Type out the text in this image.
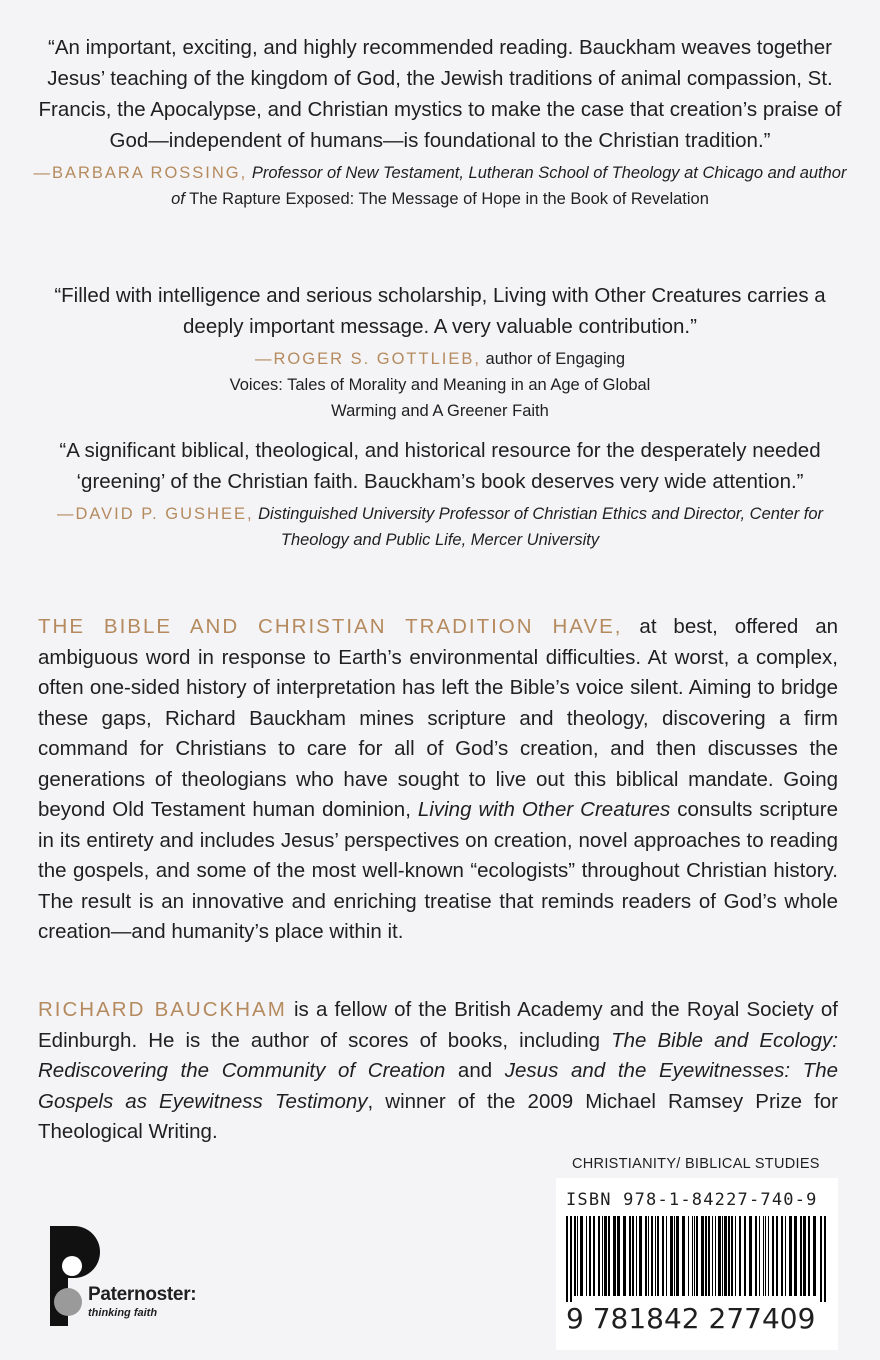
“An important, exciting, and highly recommended reading. Bauckham weaves together Jesus’ teaching of the kingdom of God, the Jewish traditions of animal compassion, St. Francis, the Apocalypse, and Christian mystics to make the case that creation’s praise of God—independent of humans—is foundational to the Christian tradition.”

—BARBARA ROSSING, Professor of New Testament, Lutheran School of Theology at Chicago and author of The Rapture Exposed: The Message of Hope in the Book of Revelation

“Filled with intelligence and serious scholarship, Living with Other Creatures carries a deeply important message. A very valuable contribution.”

—ROGER S. GOTTLIEB, author of Engaging Voices: Tales of Morality and Meaning in an Age of Global Warming and A Greener Faith

“A significant biblical, theological, and historical resource for the desperately needed ‘greening’ of the Christian faith. Bauckham’s book deserves very wide attention.”

—DAVID P. GUSHEE, Distinguished University Professor of Christian Ethics and Director, Center for Theology and Public Life, Mercer University

THE BIBLE AND CHRISTIAN TRADITION HAVE, at best, offered an ambiguous word in response to Earth’s environmental difficulties. At worst, a complex, often one-sided history of interpretation has left the Bible’s voice silent. Aiming to bridge these gaps, Richard Bauckham mines scripture and theology, discovering a firm command for Christians to care for all of God’s creation, and then discusses the generations of theologians who have sought to live out this biblical mandate. Going beyond Old Testament human dominion, Living with Other Creatures consults scripture in its entirety and includes Jesus’ perspectives on creation, novel approaches to reading the gospels, and some of the most well-known “ecologists” throughout Christian history. The result is an innovative and enriching treatise that reminds readers of God’s whole creation—and humanity’s place within it.

RICHARD BAUCKHAM is a fellow of the British Academy and the Royal Society of Edinburgh. He is the author of scores of books, including The Bible and Ecology: Rediscovering the Community of Creation and Jesus and the Eyewitnesses: The Gospels as Eyewitness Testimony, winner of the 2009 Michael Ramsey Prize for Theological Writing.

CHRISTIANITY/ BIBLICAL STUDIES
ISBN 978-1-84227-740-9
9 781842 277409
Paternoster:
thinking faith
